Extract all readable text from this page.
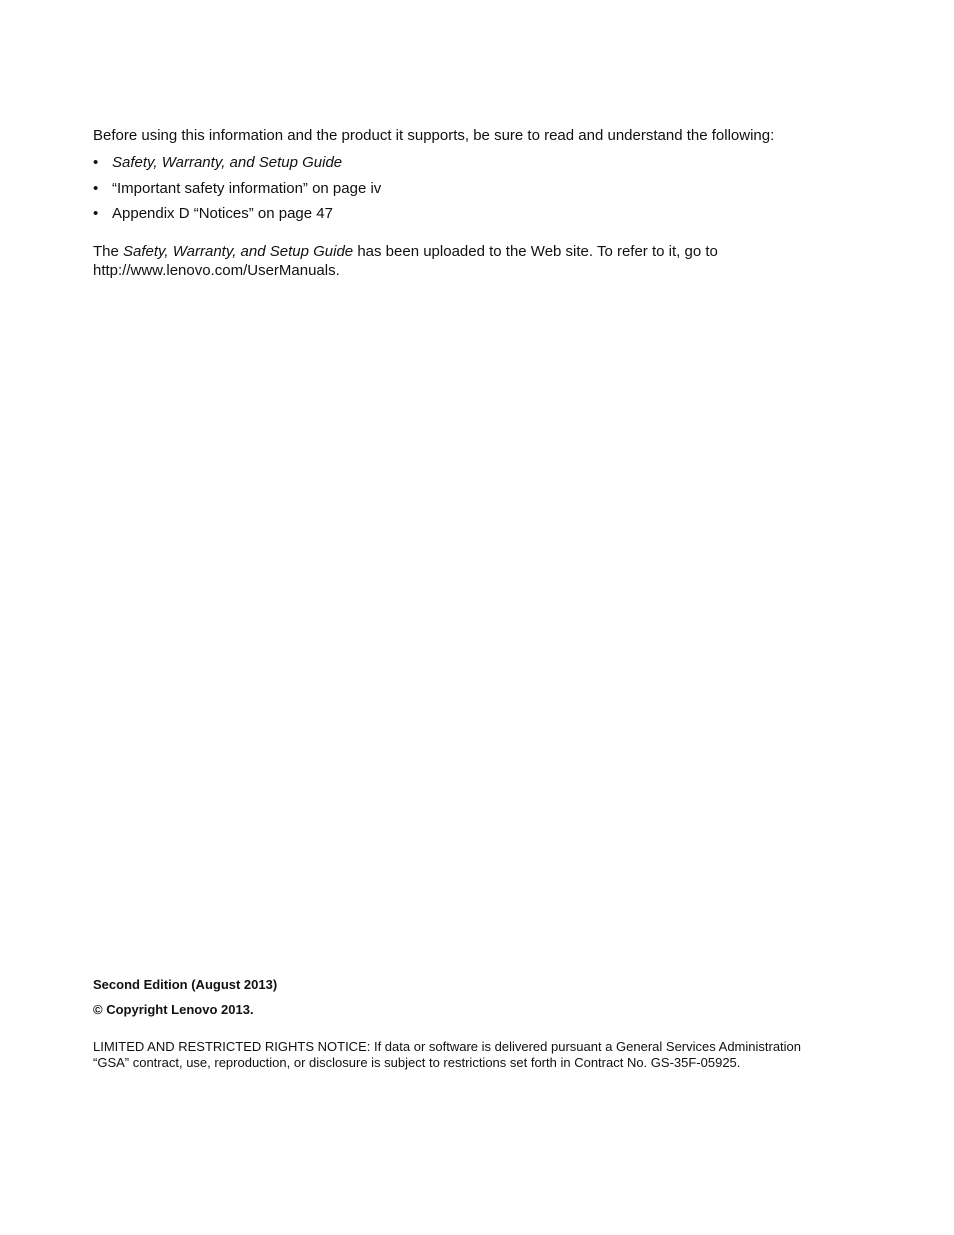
Before using this information and the product it supports, be sure to read and understand the following:

• Safety, Warranty, and Setup Guide
• “Important safety information” on page iv
• Appendix D “Notices” on page 47

The Safety, Warranty, and Setup Guide has been uploaded to the Web site. To refer to it, go to
http://www.lenovo.com/UserManuals.

Second Edition (August 2013)

© Copyright Lenovo 2013.

LIMITED AND RESTRICTED RIGHTS NOTICE: If data or software is delivered pursuant a General Services Administration
“GSA” contract, use, reproduction, or disclosure is subject to restrictions set forth in Contract No. GS-35F-05925.
